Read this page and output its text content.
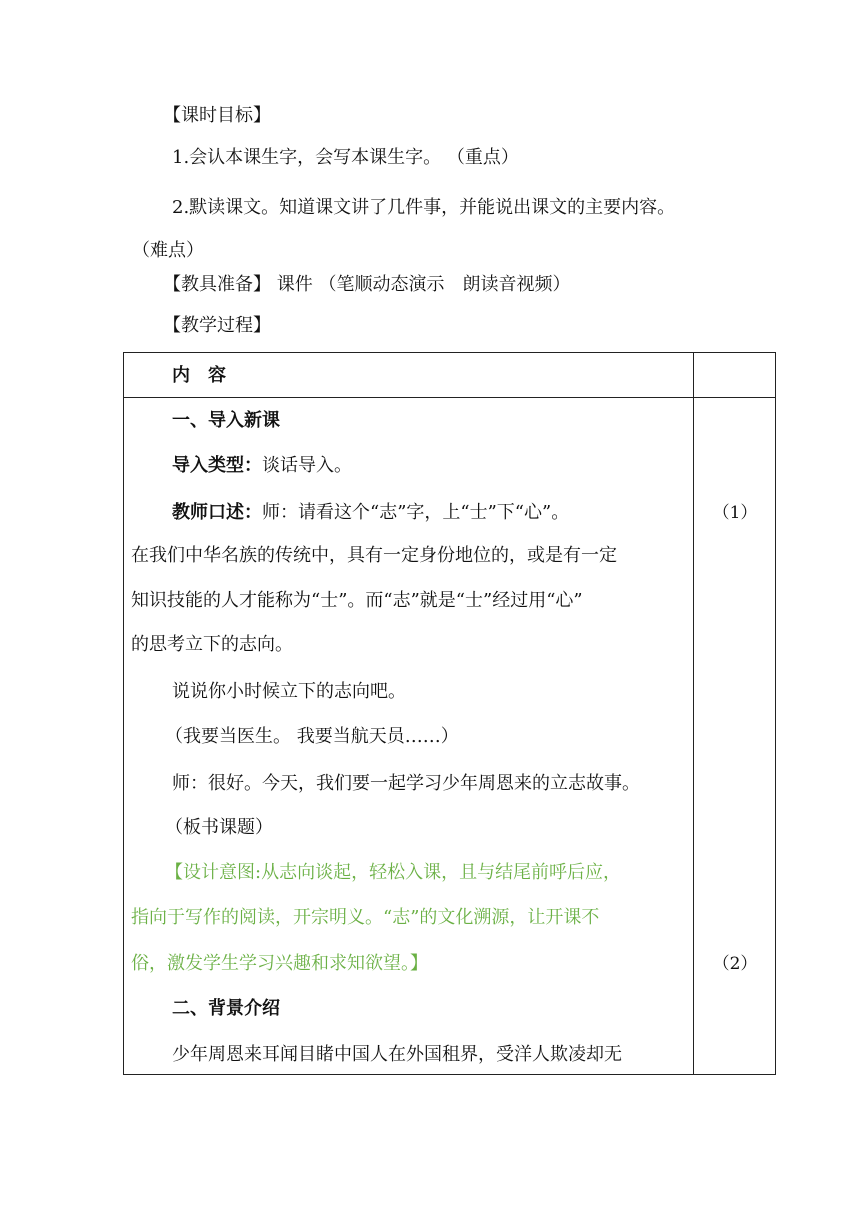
【课时目标】
1.会认本课生字，会写本课生字。 （重点）
2.默读课文。知道课文讲了几件事，并能说出课文的主要内容。
（难点）
【教具准备】 课件 （笔顺动态演示　朗读音视频）
【教学过程】
内　容
一、导入新课
导入类型：谈话导入。
教师口述：师：请看这个“志”字，上“士”下“心”。
在我们中华名族的传统中，具有一定身份地位的，或是有一定
知识技能的人才能称为“士”。而“志”就是“士”经过用“心”
的思考立下的志向。
说说你小时候立下的志向吧。
（我要当医生。 我要当航天员……）
师：很好。今天，我们要一起学习少年周恩来的立志故事。
（板书课题）
【设计意图:从志向谈起，轻松入课，且与结尾前呼后应，
指向于写作的阅读，开宗明义。“志”的文化溯源，让开课不
俗，激发学生学习兴趣和求知欲望。】
二、背景介绍
少年周恩来耳闻目睹中国人在外国租界，受洋人欺凌却无
（1）
（2）
